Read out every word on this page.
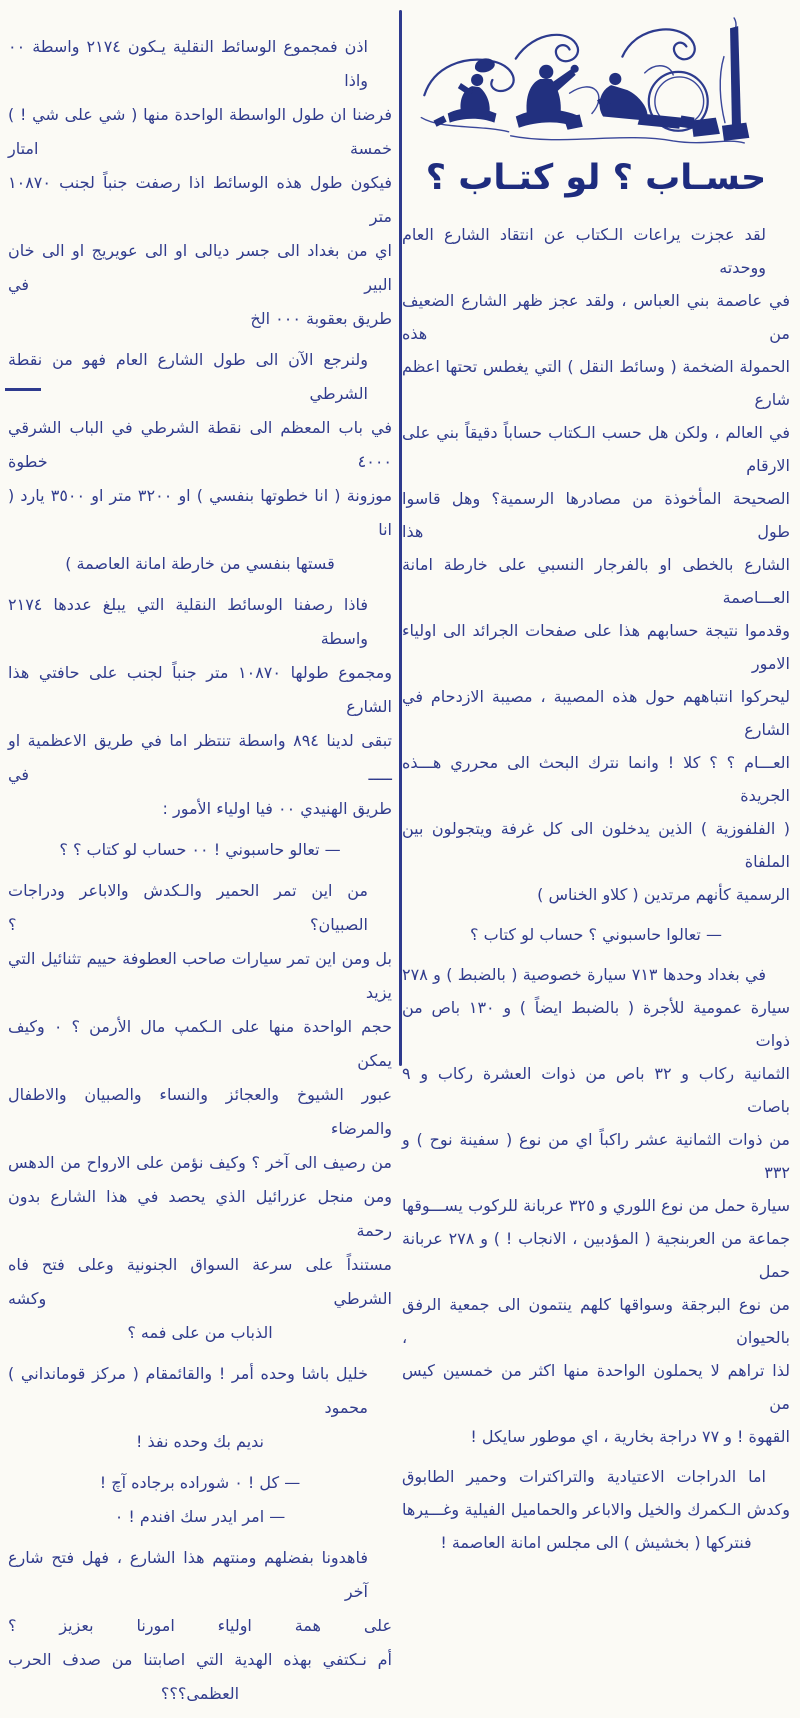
حسـاب ؟ لو كتـاب ؟
لقد عجزت يراعات الـكتاب عن انتقاد الشارع العام ووحدته
في عاصمة بني العباس ، ولقد عجز ظهر الشارع الضعيف من هذه
الحمولة الضخمة ( وسائط النقل ) التي يغطس تحتها اعظم شارع
في العالم ، ولكن هل حسب الـكتاب حساباً دقيقاً بني على الارقام
الصحيحة المأخوذة من مصادرها الرسمية؟ وهل قاسوا طول هذا
الشارع بالخطى او بالفرجار النسبي على خارطة امانة العـــاصمة
وقدموا نتيجة حسابهم هذا على صفحات الجرائد الى اولياء الامور
ليحركوا انتباههم حول هذه المصيبة ، مصيبة الازدحام في الشارع
العـــام ؟ ؟ كلا ! وانما نترك البحث الى محرري هـــذه الجريدة
( الفلفوزية ) الذين يدخلون الى كل غرفة ويتجولون بين الملفاة
الرسمية كأنهم مرتدين ( كلاو الخناس )
— تعالوا حاسبوني ؟ حساب لو كتاب ؟
في بغداد وحدها ٧١٣ سيارة خصوصية ( بالضبط ) و ٢٧٨
سيارة عمومية للأجرة ( بالضبط ايضاً ) و ١٣٠ باص من ذوات
الثمانية ركاب و ٣٢ باص من ذوات العشرة ركاب و ٩ باصات
من ذوات الثمانية عشر راكباً اي من نوع ( سفينة نوح ) و ٣٣٢
سيارة حمل من نوع اللوري و ٣٢٥ عربانة للركوب يســـوقها
جماعة من العربنجية ( المؤدبين ، الانجاب ! ) و ٢٧٨ عربانة حمل
من نوع البرجقة وسواقها كلهم ينتمون الى جمعية الرفق بالحيوان ،
لذا تراهم لا يحملون الواحدة منها اكثر من خمسين كيس من
القهوة ! و ٧٧ دراجة بخارية ، اي موطور سايكل !
اما الدراجات الاعتيادية والتراكترات وحمير الطابوق
وكدش الـكمرك والخيل والاباعر والحماميل الفيلية وغـــيرها
فنتركها ( بخشيش ) الى مجلس امانة العاصمة !
اذن فمجموع الوسائط النقلية يـكون ٢١٧٤ واسطة ٠٠ واذا
فرضنا ان طول الواسطة الواحدة منها ( شي على شي ! ) خمسة امتار
فيكون طول هذه الوسائط اذا رصفت جنباً لجنب ١٠٨٧٠ متر
اي من بغداد الى جسر ديالى او الى عويريج او الى خان البير في
طريق بعقوبة ٠٠٠ الخ
ولنرجع الآن الى طول الشارع العام فهو من نقطة الشرطي
في باب المعظم الى نقطة الشرطي في الباب الشرقي ٤٠٠٠ خطوة
موزونة ( انا خطوتها بنفسي ) او ٣٢٠٠ متر او ٣٥٠٠ يارد ( انا
قستها بنفسي من خارطة امانة العاصمة )
فاذا رصفنا الوسائط النقلية التي يبلغ عددها ٢١٧٤ واسطة
ومجموع طولها ١٠٨٧٠ متر جنباً لجنب على حافتي هذا الشارع
تبقى لدينا ٨٩٤ واسطة تنتظر اما في طريق الاعظمية او ـــــ في
طريق الهنيدي ٠٠ فيا اولياء الأمور :
— تعالو حاسبوني ! ٠٠ حساب لو كتاب ؟ ؟
من اين تمر الحمير والـكدش والاباعر ودراجات الصبيان؟ ؟
بل ومن اين تمر سيارات صاحب العطوفة حييم تثنائيل التي يزيد
حجم الواحدة منها على الـكمپ مال الأرمن ؟ ٠ وكيف يمكن
عبور الشيوخ والعجائز والنساء والصبيان والاطفال والمرضاء
من رصيف الى آخر ؟ وكيف نؤمن على الارواح من الدهس
ومن منجل عزرائيل الذي يحصد في هذا الشارع بدون رحمة
مستنداً على سرعة السواق الجنونية وعلى فتح فاه الشرطي وكشه
الذباب من على فمه ؟
خليل باشا وحده أمر ! والقائمقام ( مركز قومانداني ) محمود
نديم بك وحده نفذ !
— كل ! ٠ شوراده برجاده آچ !
— امر ايدر سك افندم ! ٠
فاهدونا بفضلهم ومنتهم هذا الشارع ، فهل فتح شارع آخر
على همة اولياء امورنا بعزيز ؟
أم نـكتفي بهذه الهدية التي اصابتنا من صدف الحرب العظمى؟؟؟
